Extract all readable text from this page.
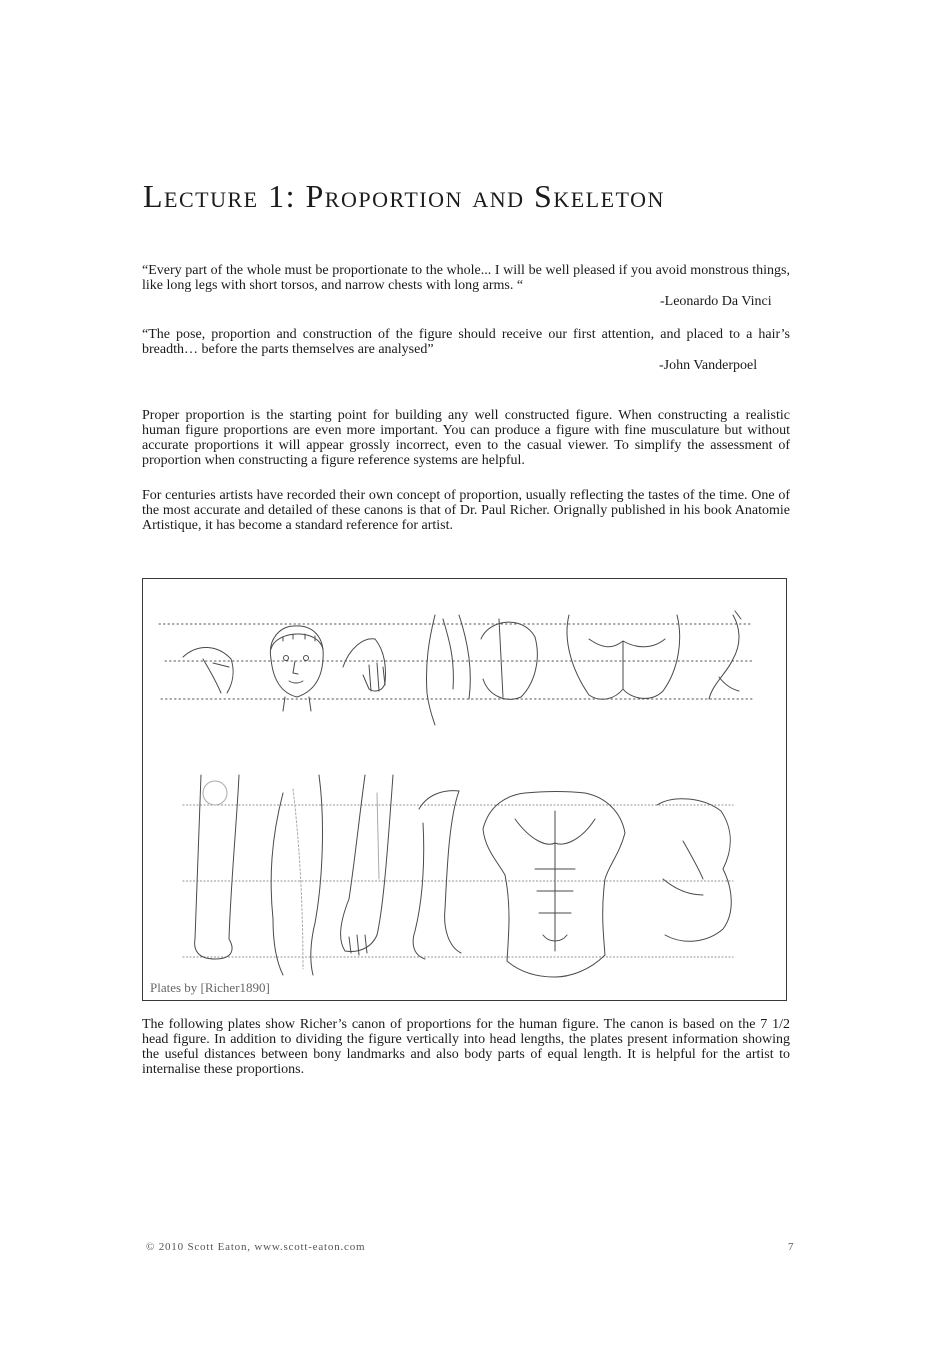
Lecture 1: Proportion and Skeleton
“Every part of the whole must be proportionate to the whole... I will be well pleased if you avoid monstrous things, like long legs with short torsos, and narrow chests with long arms. “
-Leonardo Da Vinci
“The pose, proportion and construction of the figure should receive our first attention, and placed to a hair’s breadth… before the parts themselves are analysed”
-John Vanderpoel

Proper proportion is the starting point for building any well constructed figure. When constructing a realistic human figure proportions are even more important. You can produce a figure with fine musculature but without accurate proportions it will appear grossly incorrect, even to the casual viewer. To simplify the assessment of proportion when constructing a figure reference systems are helpful.

For centuries artists have recorded their own concept of proportion, usually reflecting the tastes of the time. One of the most accurate and detailed of these canons is that of Dr. Paul Richer. Orignally published in his book Anatomie Artistique, it has become a standard reference for artist.

Plates by [Richer1890]

The following plates show Richer’s canon of proportions for the human figure. The canon is based on the 7 1/2 head figure. In addition to dividing the figure vertically into head lengths, the plates present information showing the useful distances between bony landmarks and also body parts of equal length. It is helpful for the artist to internalise these proportions.

© 2010 Scott Eaton, www.scott-eaton.com	7
